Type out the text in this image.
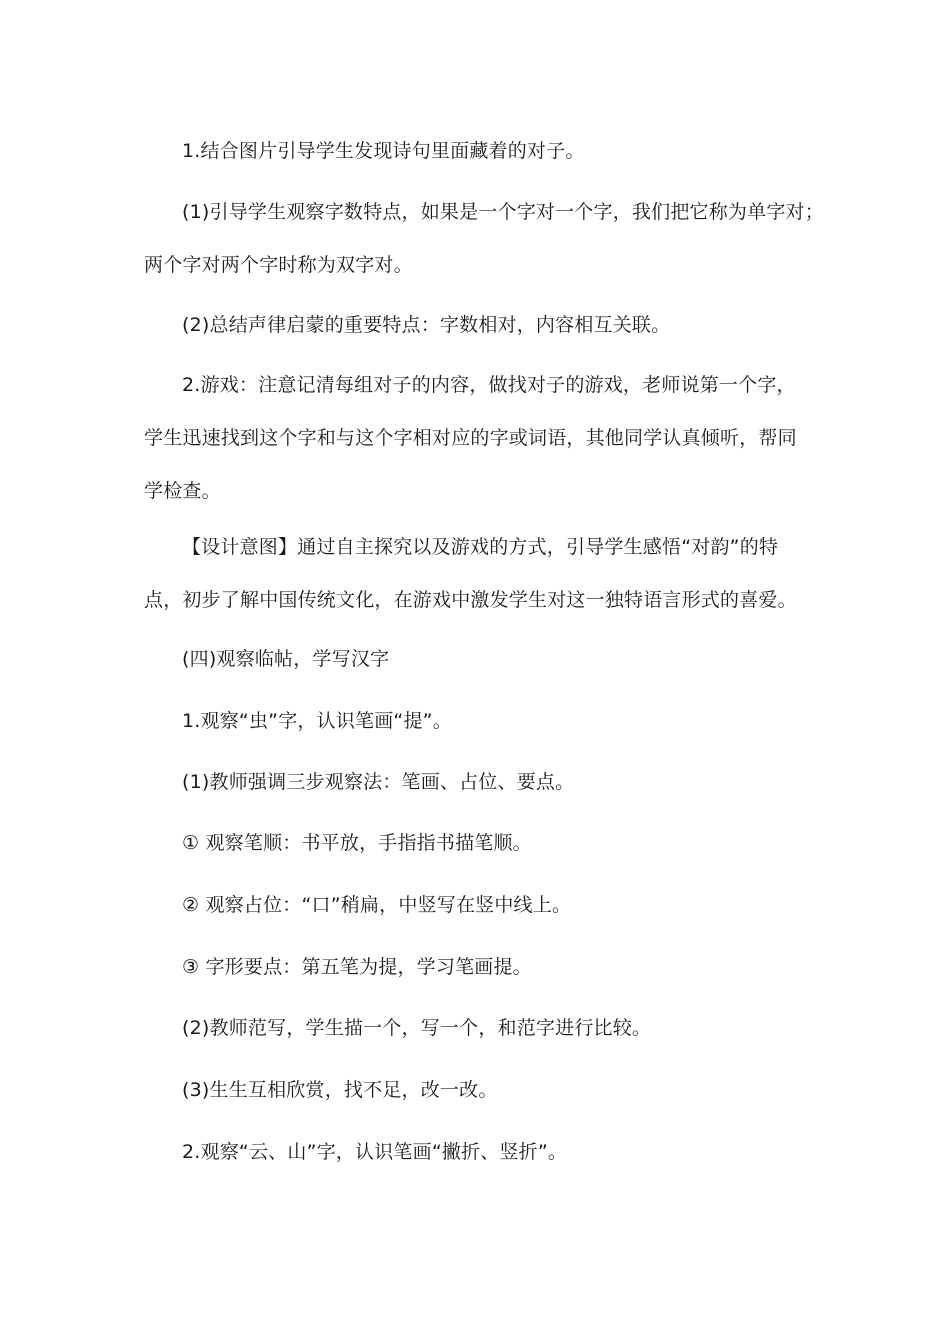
1.结合图片引导学生发现诗句里面藏着的对子。

(1)引导学生观察字数特点，如果是一个字对一个字，我们把它称为单字对；
两个字对两个字时称为双字对。

(2)总结声律启蒙的重要特点：字数相对，内容相互关联。

2.游戏：注意记清每组对子的内容，做找对子的游戏，老师说第一个字，
学生迅速找到这个字和与这个字相对应的字或词语，其他同学认真倾听，帮同
学检查。

【设计意图】通过自主探究以及游戏的方式，引导学生感悟“对韵”的特
点，初步了解中国传统文化，在游戏中激发学生对这一独特语言形式的喜爱。

(四)观察临帖，学写汉字

1.观察“虫”字，认识笔画“提”。

(1)教师强调三步观察法：笔画、占位、要点。

① 观察笔顺：书平放，手指指书描笔顺。

② 观察占位：“口”稍扁，中竖写在竖中线上。

③ 字形要点：第五笔为提，学习笔画提。

(2)教师范写，学生描一个，写一个，和范字进行比较。

(3)生生互相欣赏，找不足，改一改。

2.观察“云、山”字，认识笔画“撇折、竖折”。
